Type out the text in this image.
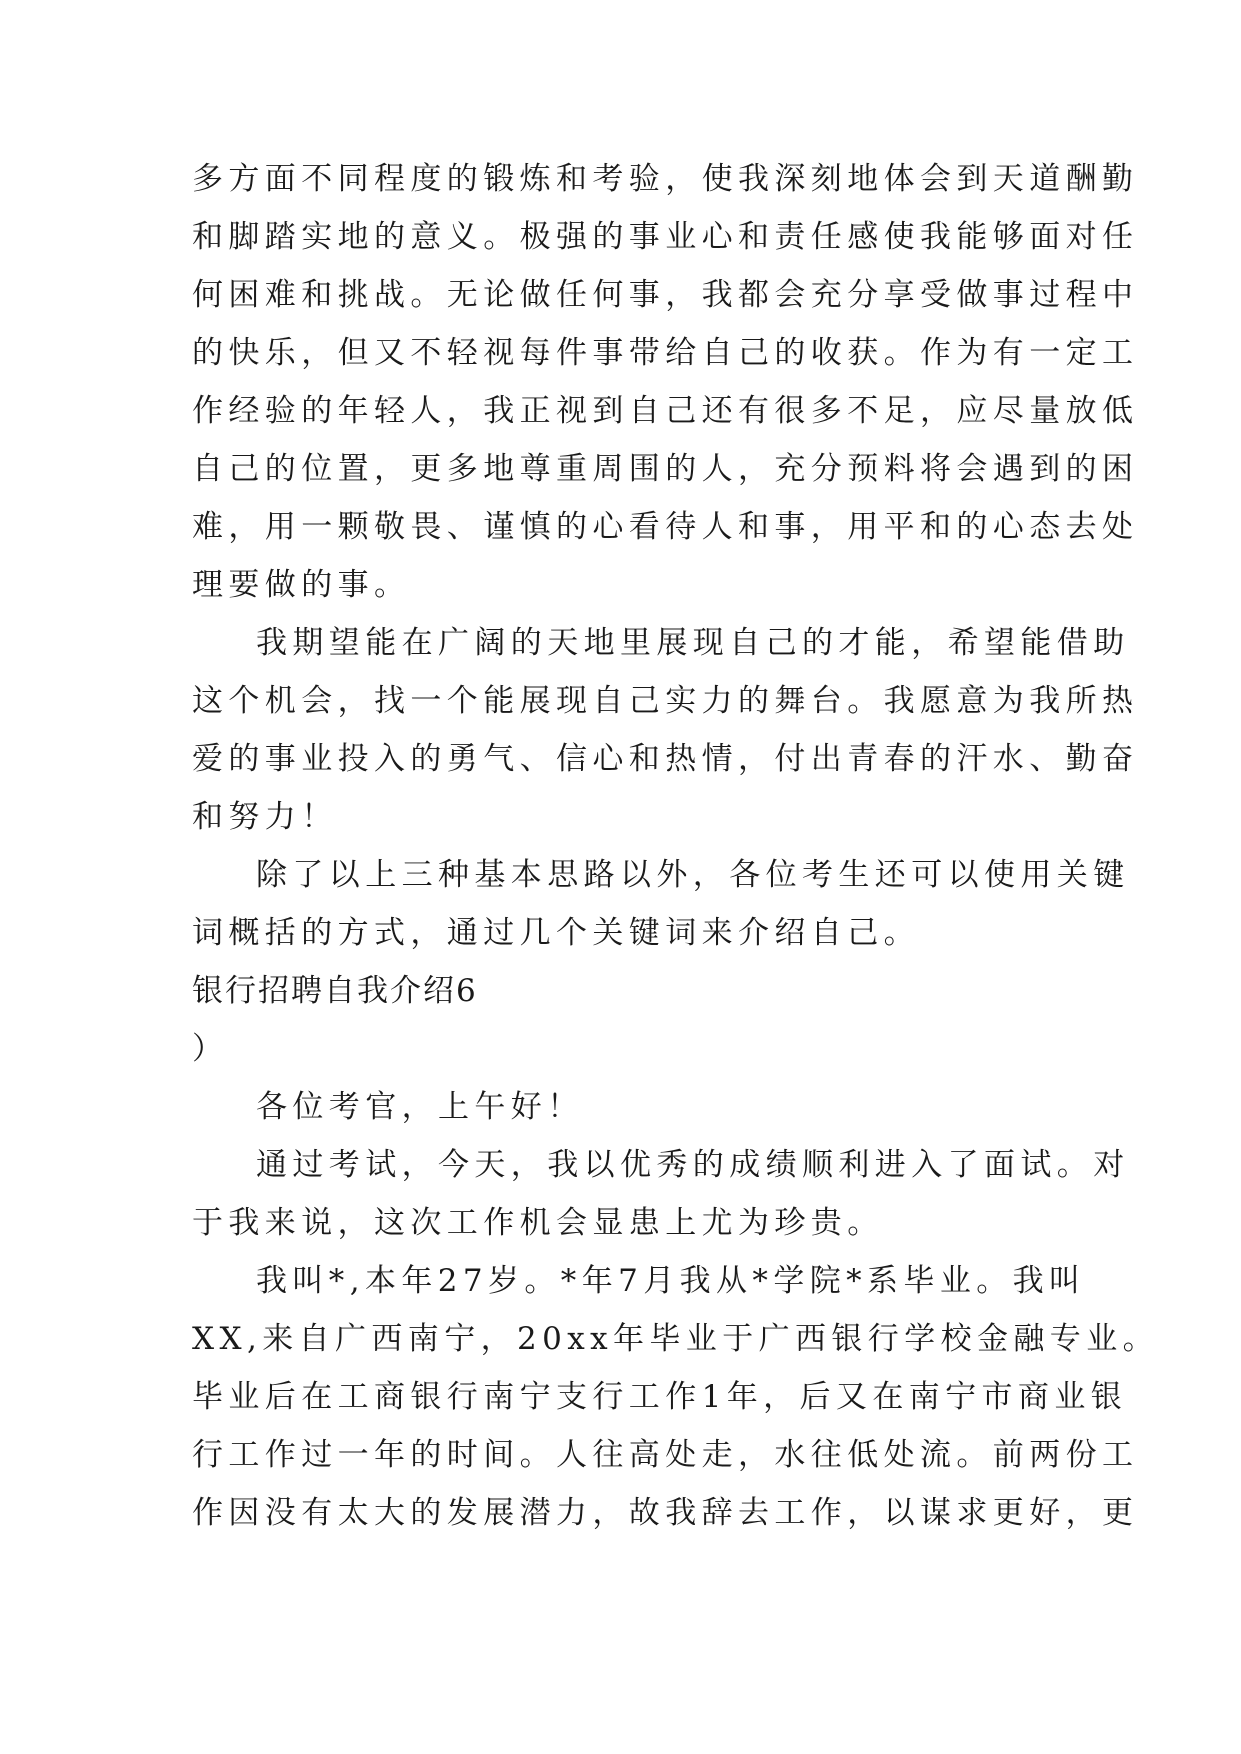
多方面不同程度的锻炼和考验，使我深刻地体会到天道酬勤
和脚踏实地的意义。极强的事业心和责任感使我能够面对任
何困难和挑战。无论做任何事，我都会充分享受做事过程中
的快乐，但又不轻视每件事带给自己的收获。作为有一定工
作经验的年轻人，我正视到自己还有很多不足，应尽量放低
自己的位置，更多地尊重周围的人，充分预料将会遇到的困
难，用一颗敬畏、谨慎的心看待人和事，用平和的心态去处
理要做的事。
我期望能在广阔的天地里展现自己的才能，希望能借助
这个机会，找一个能展现自己实力的舞台。我愿意为我所热
爱的事业投入的勇气、信心和热情，付出青春的汗水、勤奋
和努力！
除了以上三种基本思路以外，各位考生还可以使用关键
词概括的方式，通过几个关键词来介绍自己。
银行招聘自我介绍6
）
各位考官，上午好！
通过考试，今天，我以优秀的成绩顺利进入了面试。对
于我来说，这次工作机会显患上尤为珍贵。
我叫*,本年27岁。*年7月我从*学院*系毕业。我叫
XX,来自广西南宁，20xx年毕业于广西银行学校金融专业。
毕业后在工商银行南宁支行工作1年，后又在南宁市商业银
行工作过一年的时间。人往高处走，水往低处流。前两份工
作因没有太大的发展潜力，故我辞去工作，以谋求更好，更
